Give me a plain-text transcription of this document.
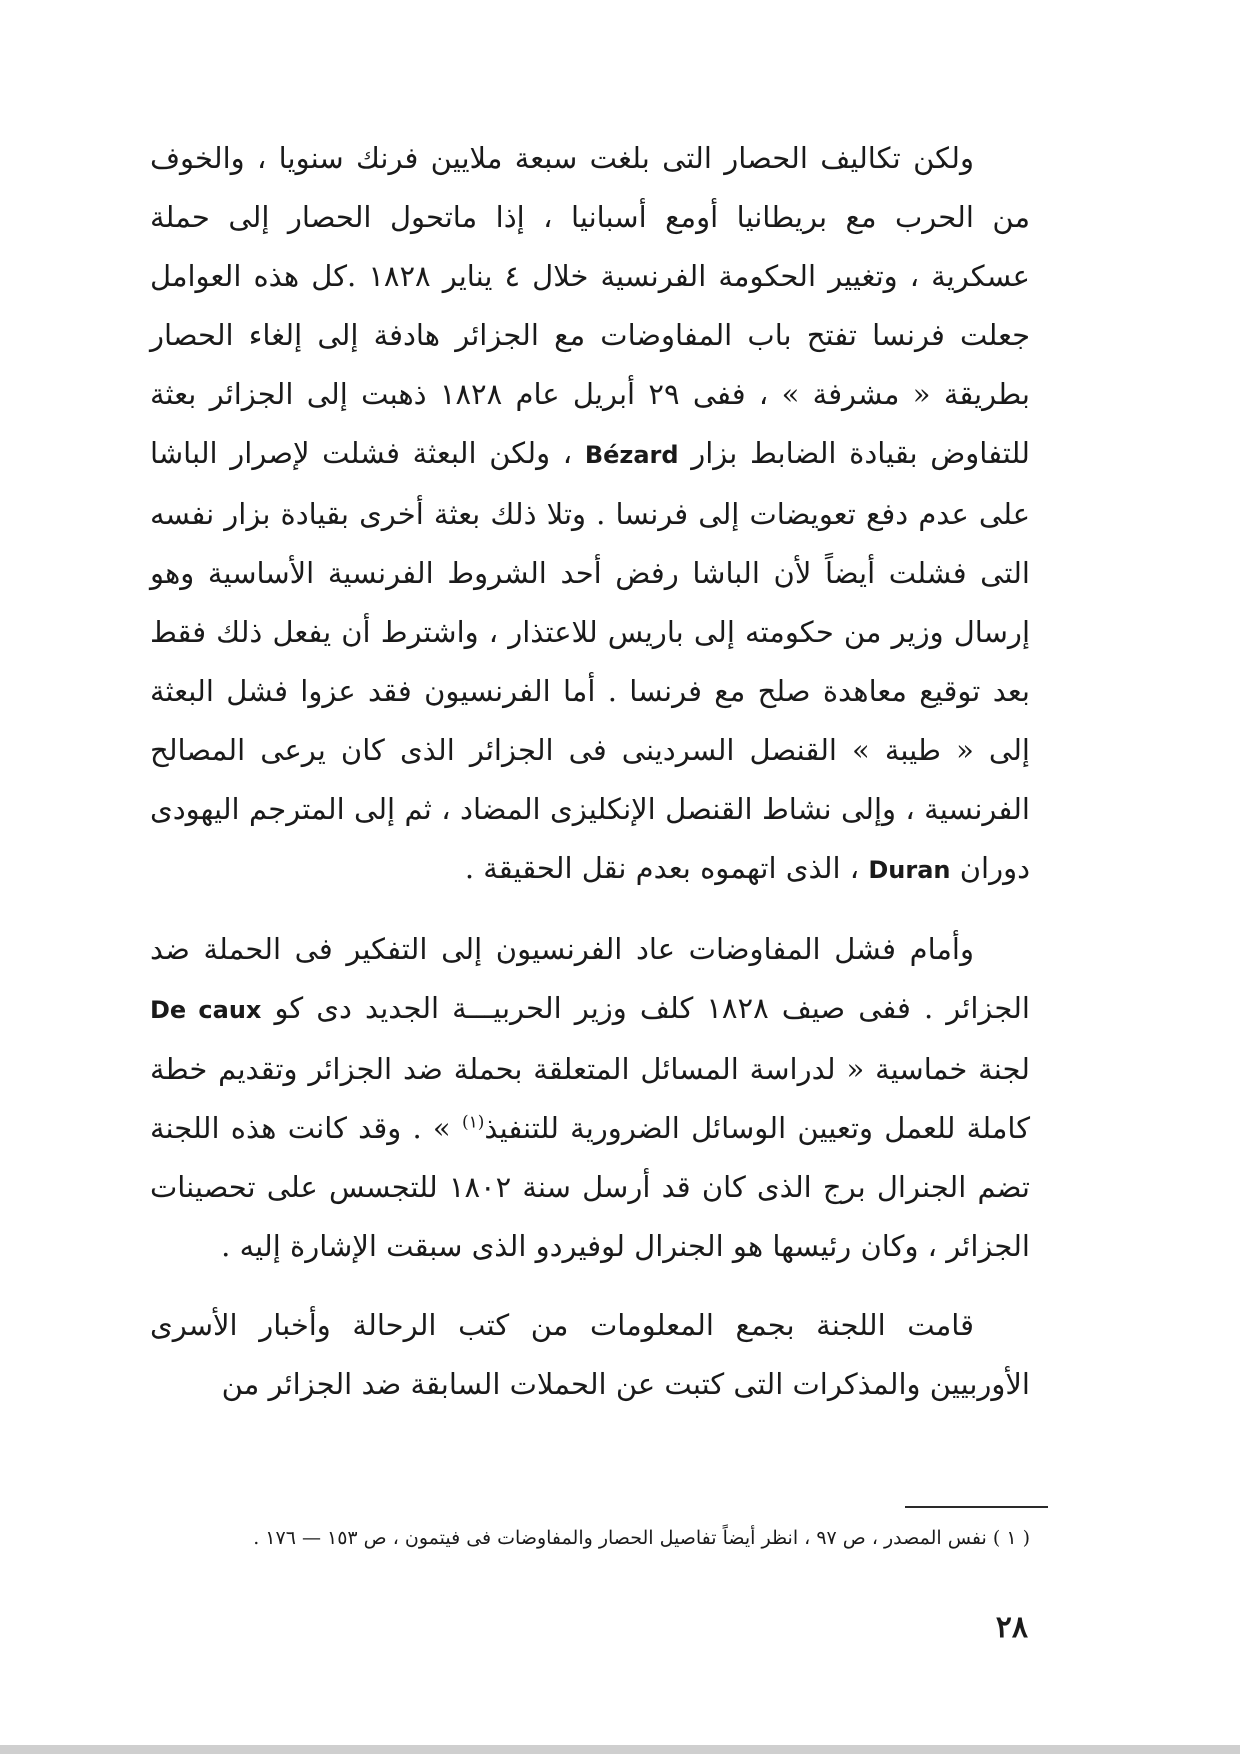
ولكن تكاليف الحصار التى بلغت سبعة ملايين فرنك سنويا ، والخوف من الحرب مع بريطانيا أومع أسبانيا ، إذا ماتحول الحصار إلى حملة عسكرية ، وتغيير الحكومة الفرنسية خلال ٤ يناير ١٨٢٨ .كل هذه العوامل جعلت فرنسا تفتح باب المفاوضات مع الجزائر هادفة إلى إلغاء الحصار بطريقة « مشرفة » ، ففى ٢٩ أبريل عام ١٨٢٨ ذهبت إلى الجزائر بعثة للتفاوض بقيادة الضابط بزار Bézard ، ولكن البعثة فشلت لإصرار الباشا على عدم دفع تعويضات إلى فرنسا . وتلا ذلك بعثة أخرى بقيادة بزار نفسه التى فشلت أيضاً لأن الباشا رفض أحد الشروط الفرنسية الأساسية وهو إرسال وزير من حكومته إلى باريس للاعتذار ، واشترط أن يفعل ذلك فقط بعد توقيع معاهدة صلح مع فرنسا . أما الفرنسيون فقد عزوا فشل البعثة إلى « طيبة » القنصل السردينى فى الجزائر الذى كان يرعى المصالح الفرنسية ، وإلى نشاط القنصل الإنكليزى المضاد ، ثم إلى المترجم اليهودى دوران Duran ، الذى اتهموه بعدم نقل الحقيقة .

وأمام فشل المفاوضات عاد الفرنسيون إلى التفكير فى الحملة ضد الجزائر . ففى صيف ١٨٢٨ كلف وزير الحربيـــة الجديد دى كو De caux لجنة خماسية « لدراسة المسائل المتعلقة بحملة ضد الجزائر وتقديم خطة كاملة للعمل وتعيين الوسائل الضرورية للتنفيذ$^{(١)}$ » . وقد كانت هذه اللجنة تضم الجنرال برج الذى كان قد أرسل سنة ١٨٠٢ للتجسس على تحصينات الجزائر ، وكان رئيسها هو الجنرال لوفيردو الذى سبقت الإشارة إليه .

قامت اللجنة بجمع المعلومات من كتب الرحالة وأخبار الأسرى الأوربيين والمذكرات التى كتبت عن الحملات السابقة ضد الجزائر من

( ١ ) نفس المصدر ، ص ٩٧ ، انظر أيضاً تفاصيل الحصار والمفاوضات فى فيتمون ، ص ١٥٣ — ١٧٦ .

٢٨
